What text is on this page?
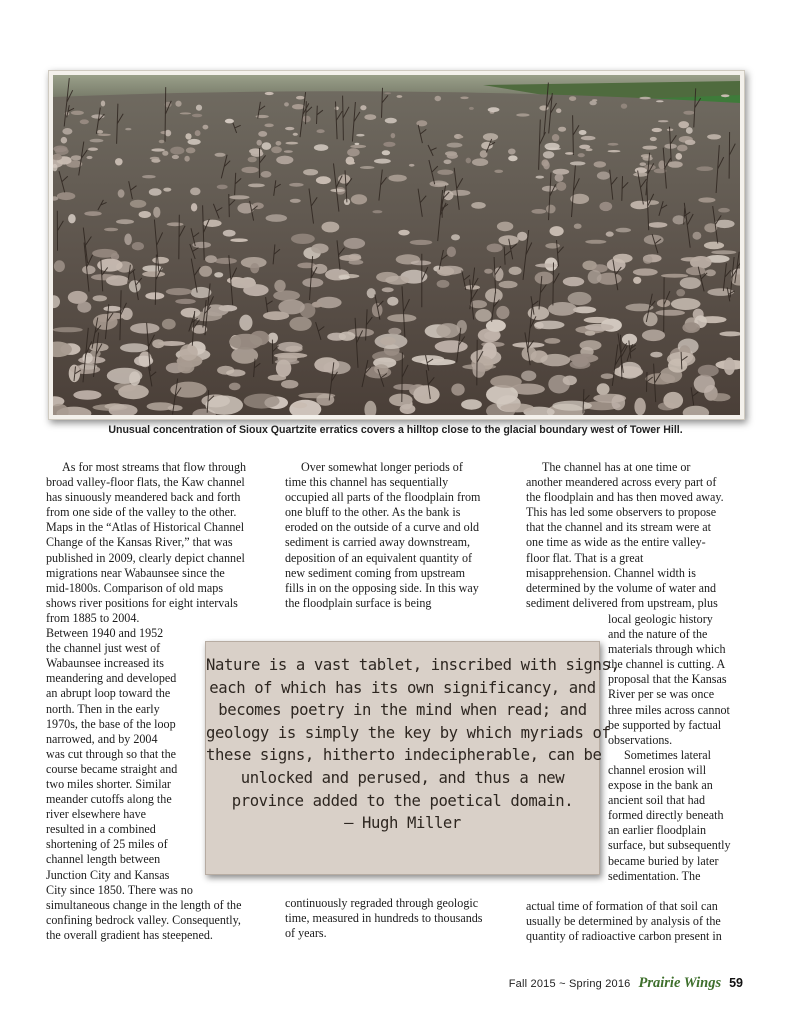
Unusual concentration of Sioux Quartzite erratics covers a hilltop close to the glacial boundary west of Tower Hill.
As for most streams that flow through
broad valley-floor flats, the Kaw channel
has sinuously meandered back and forth
from one side of the valley to the other.
Maps in the “Atlas of Historical Channel
Change of the Kansas River,” that was
published in 2009, clearly depict channel
migrations near Wabaunsee since the
mid-1800s. Comparison of old maps
shows river positions for eight intervals
from 1885 to 2004.
Between 1940 and 1952
the channel just west of
Wabaunsee increased its
meandering and developed
an abrupt loop toward the
north. Then in the early
1970s, the base of the loop
narrowed, and by 2004
was cut through so that the
course became straight and
two miles shorter. Similar
meander cutoffs along the
river elsewhere have
resulted in a combined
shortening of 25 miles of
channel length between
Junction City and Kansas
City since 1850. There was no
simultaneous change in the length of the
confining bedrock valley. Consequently,
the overall gradient has steepened.
Over somewhat longer periods of
time this channel has sequentially
occupied all parts of the floodplain from
one bluff to the other. As the bank is
eroded on the outside of a curve and old
sediment is carried away downstream,
deposition of an equivalent quantity of
new sediment coming from upstream
fills in on the opposing side. In this way
the floodplain surface is being
continuously regraded through geologic
time, measured in hundreds to thousands
of years.
The channel has at one time or
another meandered across every part of
the floodplain and has then moved away.
This has led some observers to propose
that the channel and its stream were at
one time as wide as the entire valley-
floor flat. That is a great
misapprehension. Channel width is
determined by the volume of water and
sediment delivered from upstream, plus
local geologic history
and the nature of the
materials through which
the channel is cutting. A
proposal that the Kansas
River per se was once
three miles across cannot
be supported by factual
observations.
Sometimes lateral
channel erosion will
expose in the bank an
ancient soil that had
formed directly beneath
an earlier floodplain
surface, but subsequently
became buried by later
sedimentation. The
actual time of formation of that soil can
usually be determined by analysis of the
quantity of radioactive carbon present in
Nature is a vast tablet, inscribed with signs,
each of which has its own significancy, and
becomes poetry in the mind when read; and
geology is simply the key by which myriads of
these signs, hitherto indecipherable, can be
unlocked and perused, and thus a new
province added to the poetical domain.
— Hugh Miller
Fall 2015 ~ Spring 2016 Prairie Wings 59
